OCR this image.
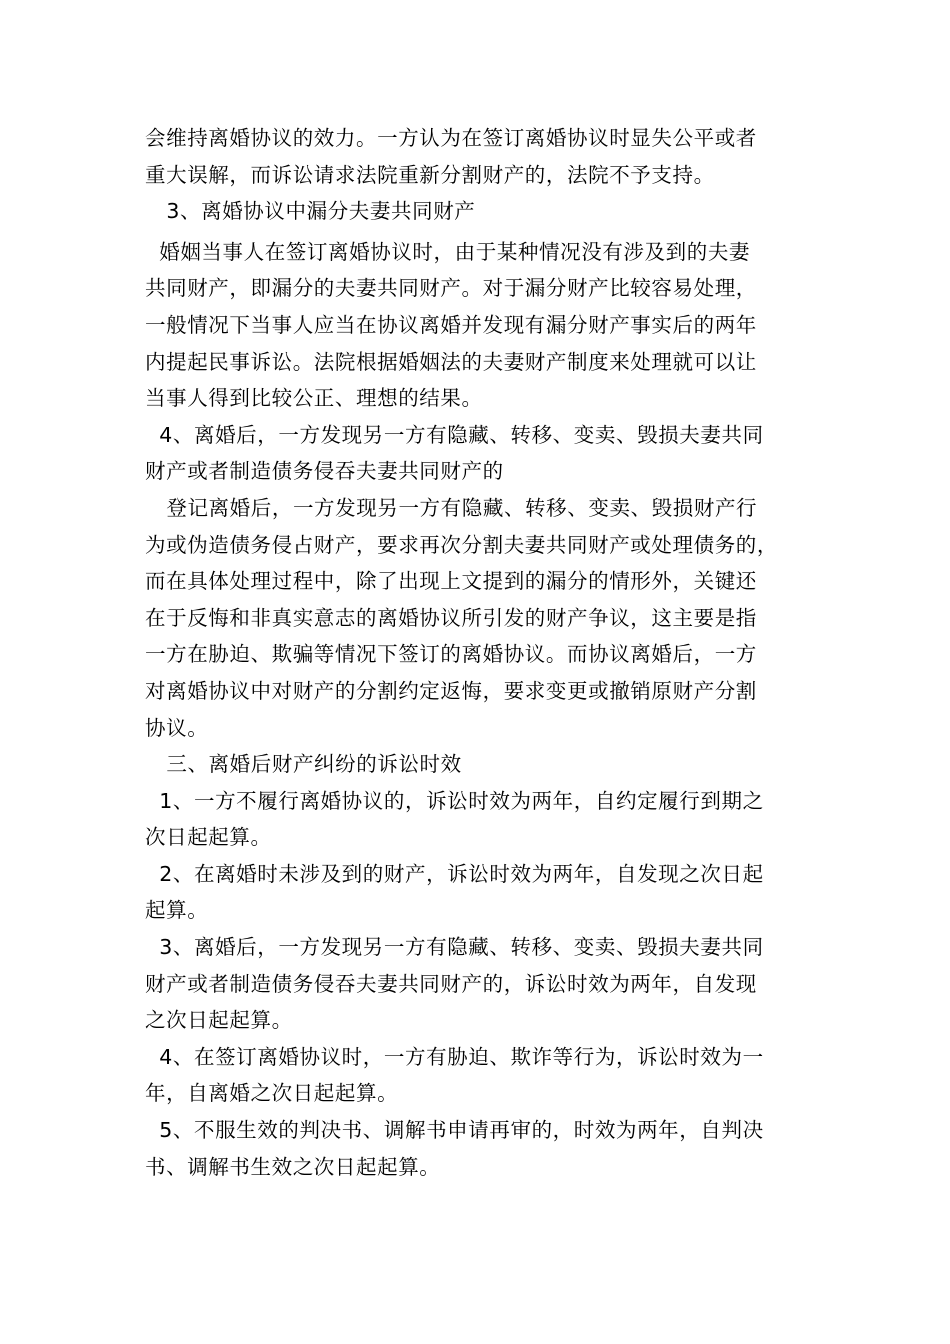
会维持离婚协议的效力。一方认为在签订离婚协议时显失公平或者
重大误解，而诉讼请求法院重新分割财产的，法院不予支持。
3、离婚协议中漏分夫妻共同财产
婚姻当事人在签订离婚协议时，由于某种情况没有涉及到的夫妻
共同财产，即漏分的夫妻共同财产。对于漏分财产比较容易处理，
一般情况下当事人应当在协议离婚并发现有漏分财产事实后的两年
内提起民事诉讼。法院根据婚姻法的夫妻财产制度来处理就可以让
当事人得到比较公正、理想的结果。
4、离婚后，一方发现另一方有隐藏、转移、变卖、毁损夫妻共同
财产或者制造债务侵吞夫妻共同财产的
登记离婚后，一方发现另一方有隐藏、转移、变卖、毁损财产行
为或伪造债务侵占财产，要求再次分割夫妻共同财产或处理债务的，
而在具体处理过程中，除了出现上文提到的漏分的情形外，关键还
在于反悔和非真实意志的离婚协议所引发的财产争议，这主要是指
一方在胁迫、欺骗等情况下签订的离婚协议。而协议离婚后，一方
对离婚协议中对财产的分割约定返悔，要求变更或撤销原财产分割
协议。
三、离婚后财产纠纷的诉讼时效
1、一方不履行离婚协议的，诉讼时效为两年，自约定履行到期之
次日起起算。
2、在离婚时未涉及到的财产，诉讼时效为两年，自发现之次日起
起算。
3、离婚后，一方发现另一方有隐藏、转移、变卖、毁损夫妻共同
财产或者制造债务侵吞夫妻共同财产的，诉讼时效为两年，自发现
之次日起起算。
4、在签订离婚协议时，一方有胁迫、欺诈等行为，诉讼时效为一
年，自离婚之次日起起算。
5、不服生效的判决书、调解书申请再审的，时效为两年，自判决
书、调解书生效之次日起起算。
